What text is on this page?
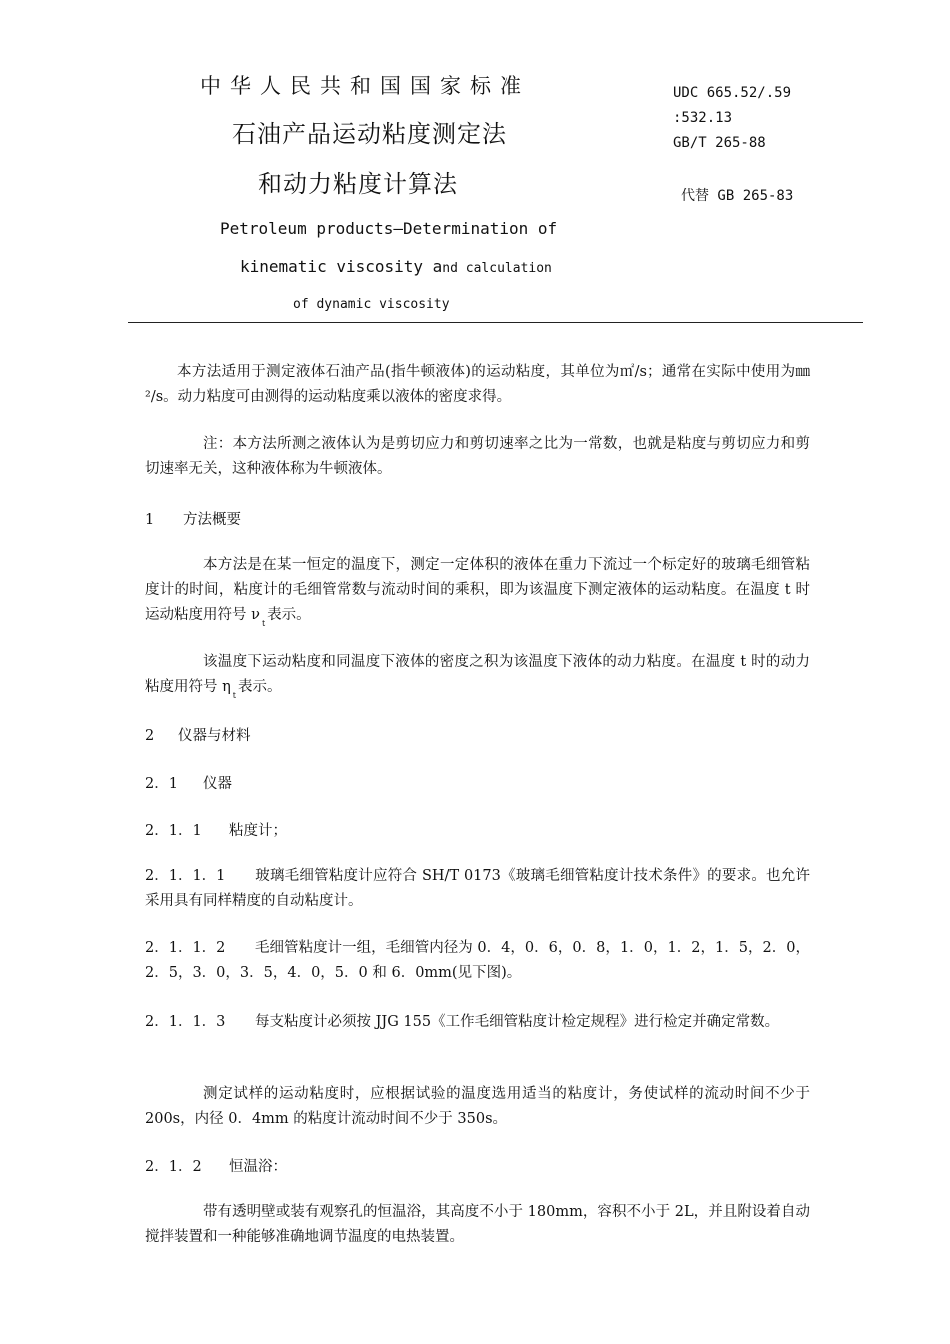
中华人民共和国国家标准
石油产品运动粘度测定法
和动力粘度计算法
Petroleum products—Determination of
kinematic viscosity and calculation
of dynamic viscosity
UDC 665.52/.59
:532.13
GB/T 265-88
代替 GB 265-83

本方法适用于测定液体石油产品(指牛顿液体)的运动粘度，其单位为㎡/s；通常在实际中使用为㎜²/s。动力粘度可由测得的运动粘度乘以液体的密度求得。

注：本方法所测之液体认为是剪切应力和剪切速率之比为一常数，也就是粘度与剪切应力和剪切速率无关，这种液体称为牛顿液体。

1 方法概要

本方法是在某一恒定的温度下，测定一定体积的液体在重力下流过一个标定好的玻璃毛细管粘度计的时间，粘度计的毛细管常数与流动时间的乘积，即为该温度下测定液体的运动粘度。在温度 t 时运动粘度用符号 $\nu_t$表示。

该温度下运动粘度和同温度下液体的密度之积为该温度下液体的动力粘度。在温度 t 时的动力粘度用符号 $\eta_t$表示。

2 仪器与材料
2．1 仪器
2．1．1 粘度计；

2．1．1．1 玻璃毛细管粘度计应符合 SH/T 0173《玻璃毛细管粘度计技术条件》的要求。也允许采用具有同样精度的自动粘度计。

2．1．1．2 毛细管粘度计一组，毛细管内径为 0．4，0．6，0．8，1．0，1．2，1．5，2．0，2．5，3．0，3．5，4．0，5．0 和 6．0mm(见下图)。

2．1．1．3 每支粘度计必须按 JJG 155《工作毛细管粘度计检定规程》进行检定并确定常数。

测定试样的运动粘度时，应根据试验的温度选用适当的粘度计，务使试样的流动时间不少于 200s，内径 0．4mm 的粘度计流动时间不少于 350s。

2．1．2 恒温浴：

带有透明壁或装有观察孔的恒温浴，其高度不小于 180mm，容积不小于 2L，并且附设着自动搅拌装置和一种能够准确地调节温度的电热装置。
